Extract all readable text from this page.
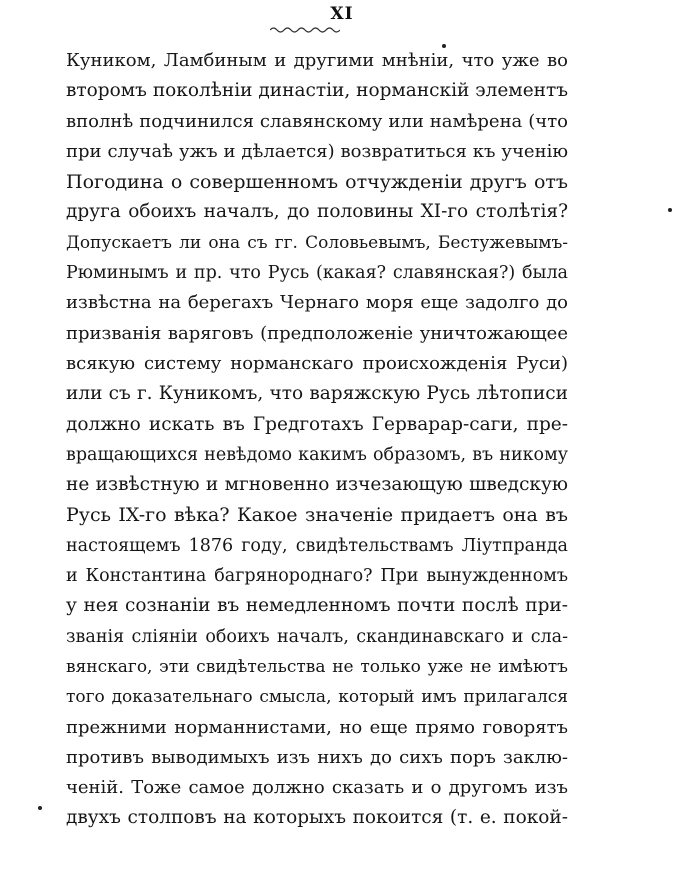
XI
Куником, Ламбиным и другими мнѣніи, что уже во
второмъ поколѣніи династіи, норманскій элементъ
вполнѣ подчинился славянскому или намѣрена (что
при случаѣ ужъ и дѣлается) возвратиться къ ученію
Погодина о совершенномъ отчужденіи другъ отъ
друга обоихъ началъ, до половины XI-го столѣтія?
Допускаетъ ли она съ гг. Соловьевымъ, Бестужевымъ-
Рюминымъ и пр. что Русь (какая? славянская?) была
извѣстна на берегахъ Чернаго моря еще задолго до
призванія варяговъ (предположеніе уничтожающее
всякую систему норманскаго происхожденія Руси)
или съ г. Куникомъ, что варяжскую Русь лѣтописи
должно искать въ Гредготахъ Герварар-саги, пре-
вращающихся невѣдомо какимъ образомъ, въ никому
не извѣстную и мгновенно изчезающую шведскую
Русь IX-го вѣка? Какое значеніе придаетъ она въ
настоящемъ 1876 году, свидѣтельствамъ Ліутпранда
и Константина багрянороднаго? При вынужденномъ
у нея сознаніи въ немедленномъ почти послѣ при-
званія сліяніи обоихъ началъ, скандинавскаго и сла-
вянскаго, эти свидѣтельства не только уже не имѣютъ
того доказательнаго смысла, который имъ прилагался
прежними норманнистами, но еще прямо говорятъ
противъ выводимыхъ изъ нихъ до сихъ поръ заклю-
ченій. Тоже самое должно сказать и о другомъ изъ
двухъ столповъ на которыхъ покоится (т. е. покой-
